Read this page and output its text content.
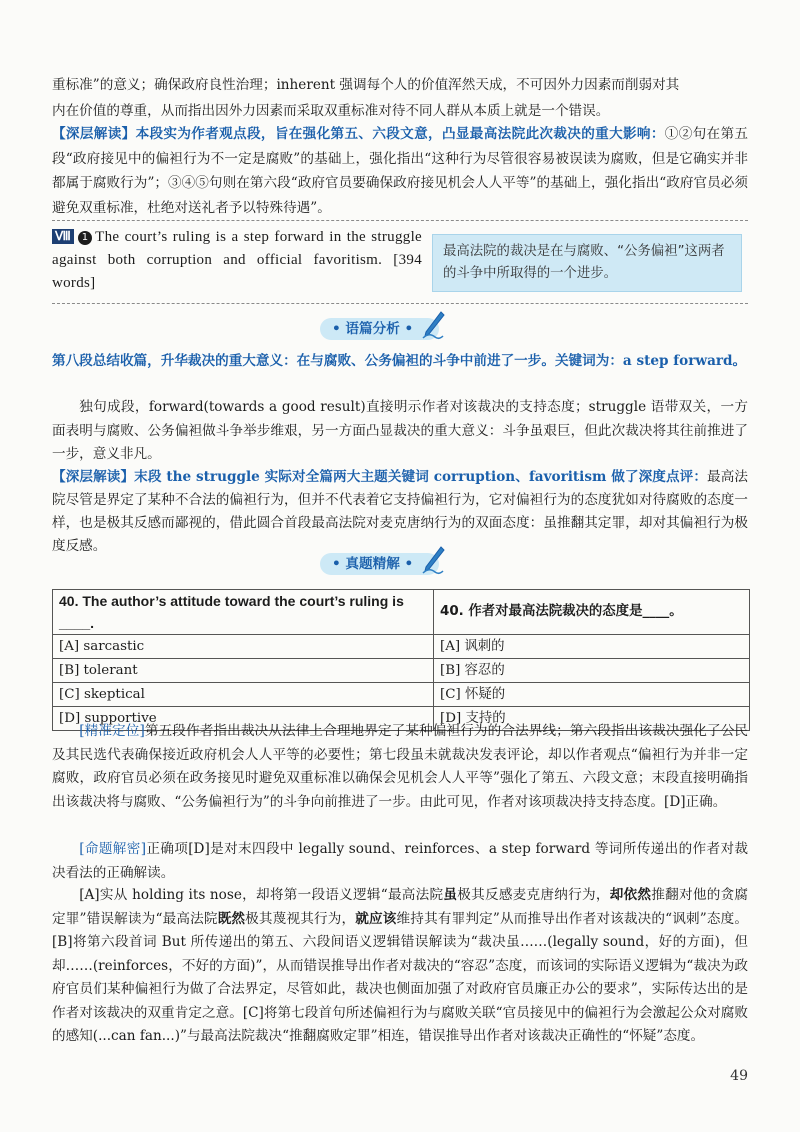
重标准”的意义；确保政府良性治理；inherent 强调每个人的价值浑然天成，不可因外力因素而削弱对其

内在价值的尊重，从而指出因外力因素而采取双重标准对待不同人群从本质上就是一个错误。

【深层解读】本段实为作者观点段，旨在强化第五、六段文意，凸显最高法院此次裁决的重大影响：①②句在第五段“政府接见中的偏袒行为不一定是腐败”的基础上，强化指出“这种行为尽管很容易被误读为腐败，但是它确实并非都属于腐败行为”；③④⑤句则在第六段“政府官员要确保政府接见机会人人平等”的基础上，强化指出“政府官员必须避免双重标准，杜绝对送礼者予以特殊待遇”。

Ⅷ 1 The court’s ruling is a step forward in the struggle against both corruption and official favoritism. [394 words]

最高法院的裁决是在与腐败、“公务偏袒”这两者的斗争中所取得的一个进步。
• 语篇分析 •

第八段总结收篇，升华裁决的重大意义：在与腐败、公务偏袒的斗争中前进了一步。关键词为：a step forward。

独句成段，forward(towards a good result)直接明示作者对该裁决的支持态度；struggle 语带双关，一方面表明与腐败、公务偏袒做斗争举步维艰，另一方面凸显裁决的重大意义：斗争虽艰巨，但此次裁决将其往前推进了一步，意义非凡。

【深层解读】末段 the struggle 实际对全篇两大主题关键词 corruption、favoritism 做了深度点评：最高法院尽管是界定了某种不合法的偏袒行为，但并不代表着它支持偏袒行为，它对偏袒行为的态度犹如对待腐败的态度一样，也是极其反感而鄙视的，借此圆合首段最高法院对麦克唐纳行为的双面态度：虽推翻其定罪，却对其偏袒行为极度反感。

• 真题精解 •
40. The author’s attitude toward the court’s ruling is ____.	40. 作者对最高法院裁决的态度是____。
[A] sarcastic	[A] 讽刺的
[B] tolerant	[B] 容忍的
[C] skeptical	[C] 怀疑的
[D] supportive	[D] 支持的

[精准定位]第五段作者指出裁决从法律上合理地界定了某种偏袒行为的合法界线；第六段指出该裁决强化了公民及其民选代表确保接近政府机会人人平等的必要性；第七段虽未就裁决发表评论，却以作者观点“偏袒行为并非一定腐败，政府官员必须在政务接见时避免双重标准以确保会见机会人人平等”强化了第五、六段文意；末段直接明确指出该裁决将与腐败、“公务偏袒行为”的斗争向前推进了一步。由此可见，作者对该项裁决持支持态度。[D]正确。

[命题解密]正确项[D]是对末四段中 legally sound、reinforces、a step forward 等词所传递出的作者对裁决看法的正确解读。

[A]实从 holding its nose，却将第一段语义逻辑“最高法院虽极其反感麦克唐纳行为，却依然推翻对他的贪腐定罪”错误解读为“最高法院既然极其蔑视其行为，就应该维持其有罪判定”从而推导出作者对该裁决的“讽刺”态度。[B]将第六段首词 But 所传递出的第五、六段间语义逻辑错误解读为“裁决虽……(legally sound，好的方面)，但却……(reinforces，不好的方面)”，从而错误推导出作者对裁决的“容忍”态度，而该词的实际语义逻辑为“裁决为政府官员们某种偏袒行为做了合法界定，尽管如此，裁决也侧面加强了对政府官员廉正办公的要求”，实际传达出的是作者对该裁决的双重肯定之意。[C]将第七段首句所述偏袒行为与腐败关联“官员接见中的偏袒行为会激起公众对腐败的感知(...can fan...)”与最高法院裁决“推翻腐败定罪”相连，错误推导出作者对该裁决正确性的“怀疑”态度。

49
